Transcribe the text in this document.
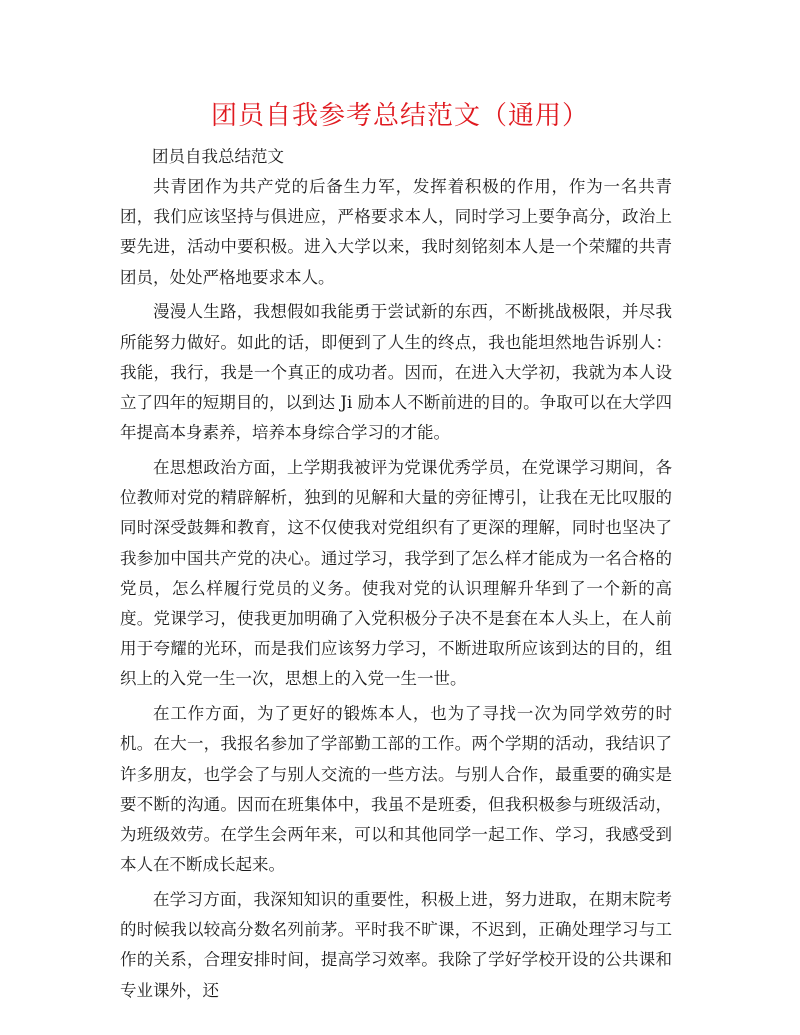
团员自我参考总结范文（通用）
团员自我总结范文

共青团作为共产党的后备生力军，发挥着积极的作用，作为一名共青团，我们应该坚持与俱进应，严格要求本人，同时学习上要争高分，政治上要先进，活动中要积极。进入大学以来，我时刻铭刻本人是一个荣耀的共青团员，处处严格地要求本人。

漫漫人生路，我想假如我能勇于尝试新的东西，不断挑战极限，并尽我所能努力做好。如此的话，即便到了人生的终点，我也能坦然地告诉别人：我能，我行，我是一个真正的成功者。因而，在进入大学初，我就为本人设立了四年的短期目的，以到达 Ji 励本人不断前进的目的。争取可以在大学四年提高本身素养，培养本身综合学习的才能。

在思想政治方面，上学期我被评为党课优秀学员，在党课学习期间，各位教师对党的精辟解析，独到的见解和大量的旁征博引，让我在无比叹服的同时深受鼓舞和教育，这不仅使我对党组织有了更深的理解，同时也坚决了我参加中国共产党的决心。通过学习，我学到了怎么样才能成为一名合格的党员，怎么样履行党员的义务。使我对党的认识理解升华到了一个新的高度。党课学习，使我更加明确了入党积极分子决不是套在本人头上，在人前用于夸耀的光环，而是我们应该努力学习，不断进取所应该到达的目的，组织上的入党一生一次，思想上的入党一生一世。

在工作方面，为了更好的锻炼本人，也为了寻找一次为同学效劳的时机。在大一，我报名参加了学部勤工部的工作。两个学期的活动，我结识了许多朋友，也学会了与别人交流的一些方法。与别人合作，最重要的确实是要不断的沟通。因而在班集体中，我虽不是班委，但我积极参与班级活动，为班级效劳。在学生会两年来，可以和其他同学一起工作、学习，我感受到本人在不断成长起来。

在学习方面，我深知知识的重要性，积极上进，努力进取，在期末院考的时候我以较高分数名列前茅。平时我不旷课，不迟到，正确处理学习与工作的关系，合理安排时间，提高学习效率。我除了学好学校开设的公共课和专业课外，还
